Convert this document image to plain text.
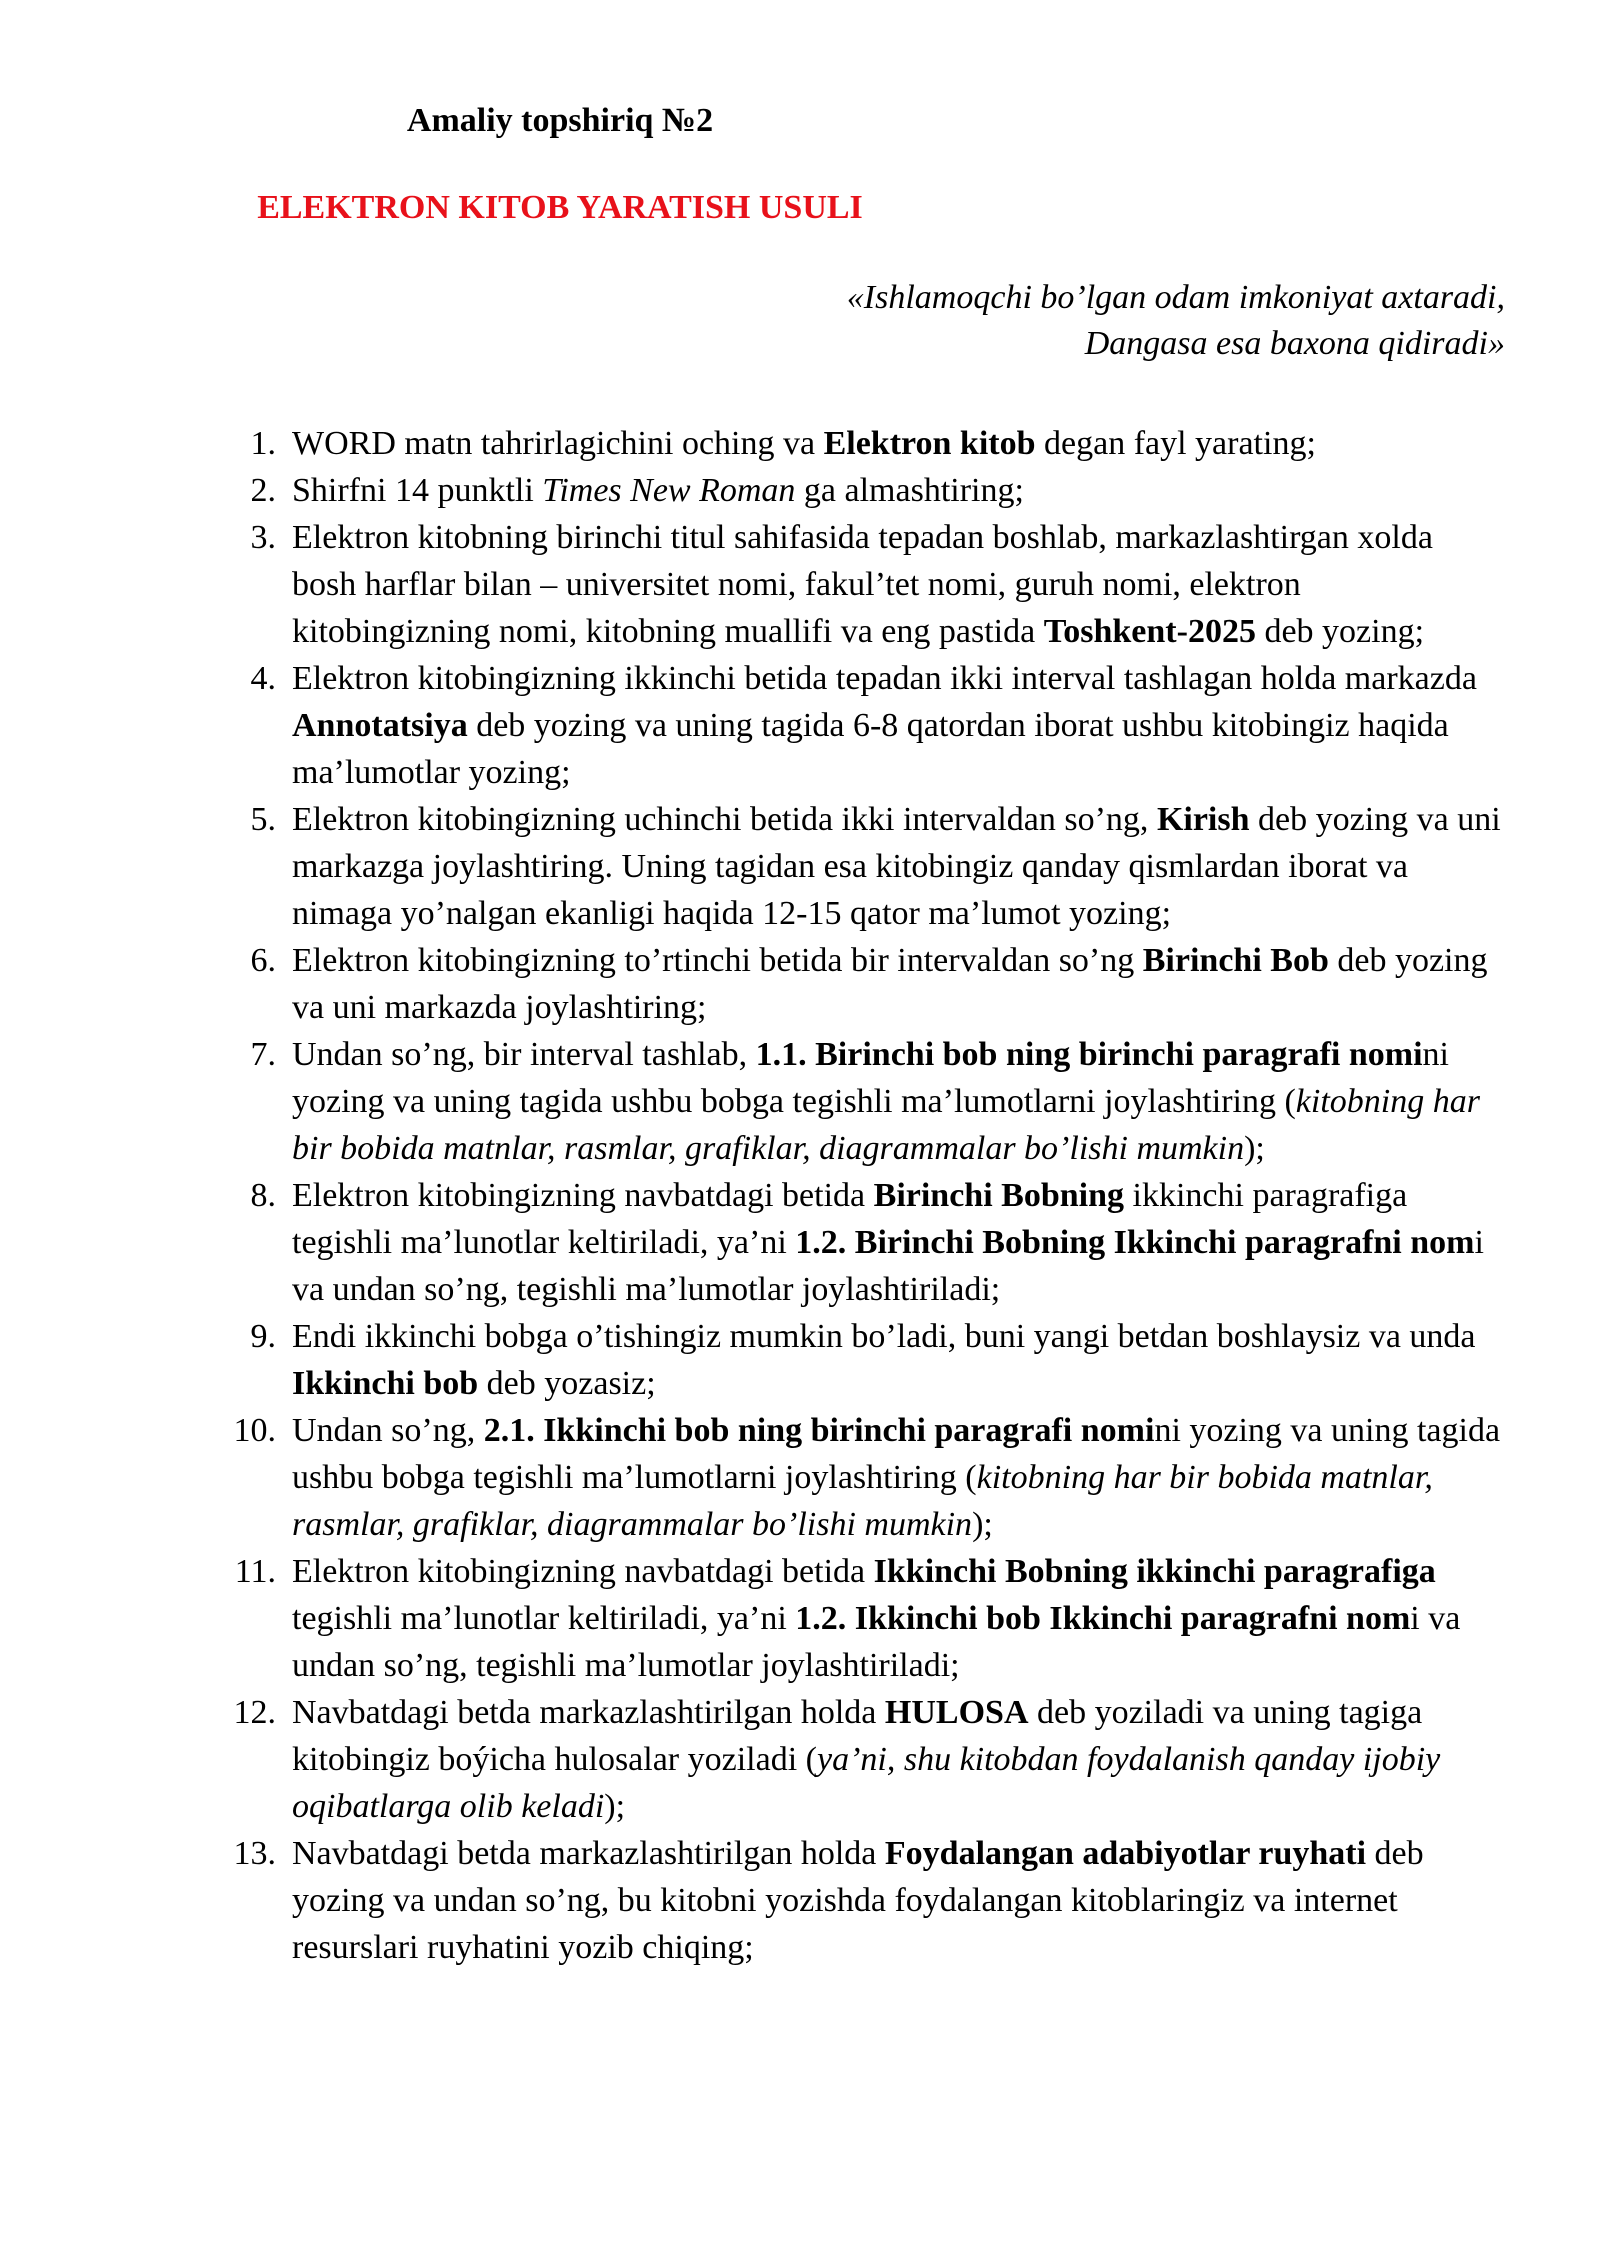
Amaliy topshiriq №2
ELEKTRON KITOB YARATISH USULI
«Ishlamoqchi bo’lgan odam imkoniyat axtaradi,
Dangasa esa baxona qidiradi»
1. WORD matn tahrirlagichini oching va Elektron kitob degan fayl yarating;
2. Shirfni 14 punktli Times New Roman ga almashtiring;
3. Elektron kitobning birinchi titul sahifasida tepadan boshlab, markazlashtirgan xolda bosh harflar bilan – universitet nomi, fakul’tet nomi, guruh nomi, elektron kitobingizning nomi, kitobning muallifi va eng pastida Toshkent-2025 deb yozing;
4. Elektron kitobingizning ikkinchi betida tepadan ikki interval tashlagan holda markazda Annotatsiya deb yozing va uning tagida 6-8 qatordan iborat ushbu kitobingiz haqida ma’lumotlar yozing;
5. Elektron kitobingizning uchinchi betida ikki intervaldan so’ng, Kirish deb yozing va uni markazga joylashtiring. Uning tagidan esa kitobingiz qanday qismlardan iborat va nimaga yo’nalgan ekanligi haqida 12-15 qator ma’lumot yozing;
6. Elektron kitobingizning to’rtinchi betida bir intervaldan so’ng Birinchi Bob deb yozing va uni markazda joylashtiring;
7. Undan so’ng, bir interval tashlab, 1.1. Birinchi bob ning birinchi paragrafi nomini yozing va uning tagida ushbu bobga tegishli ma’lumotlarni joylashtiring (kitobning har bir bobida matnlar, rasmlar, grafiklar, diagrammalar bo’lishi mumkin);
8. Elektron kitobingizning navbatdagi betida Birinchi Bobning ikkinchi paragrafiga tegishli ma’lunotlar keltiriladi, ya’ni 1.2. Birinchi Bobning Ikkinchi paragrafni nomi va undan so’ng, tegishli ma’lumotlar joylashtiriladi;
9. Endi ikkinchi bobga o’tishingiz mumkin bo’ladi, buni yangi betdan boshlaysiz va unda Ikkinchi bob deb yozasiz;
10. Undan so’ng, 2.1. Ikkinchi bob ning birinchi paragrafi nomini yozing va uning tagida ushbu bobga tegishli ma’lumotlarni joylashtiring (kitobning har bir bobida matnlar, rasmlar, grafiklar, diagrammalar bo’lishi mumkin);
11. Elektron kitobingizning navbatdagi betida Ikkinchi Bobning ikkinchi paragrafiga tegishli ma’lunotlar keltiriladi, ya’ni 1.2. Ikkinchi bob Ikkinchi paragrafni nomi va undan so’ng, tegishli ma’lumotlar joylashtiriladi;
12. Navbatdagi betda markazlashtirilgan holda HULOSA deb yoziladi va uning tagiga kitobingiz boýicha hulosalar yoziladi (ya’ni, shu kitobdan foydalanish qanday ijobiy oqibatlarga olib keladi);
13. Navbatdagi betda markazlashtirilgan holda Foydalangan adabiyotlar ruyhati deb yozing va undan so’ng, bu kitobni yozishda foydalangan kitoblaringiz va internet resurslari ruyhatini yozib chiqing;
